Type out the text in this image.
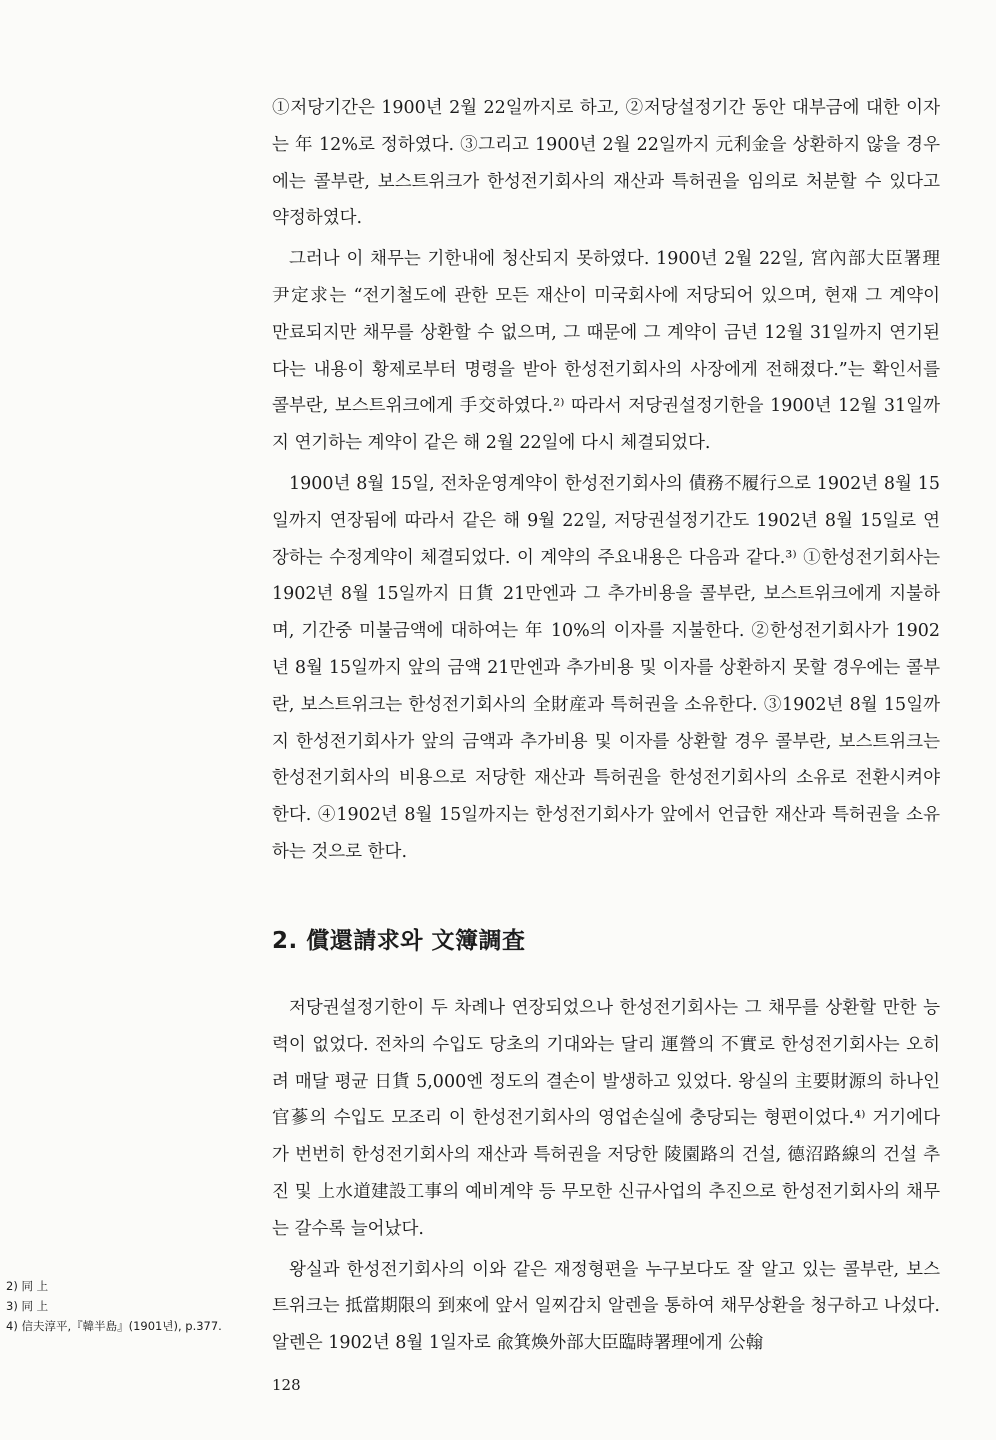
①저당기간은 1900년 2월 22일까지로 하고, ②저당설정기간 동안 대부금에 대한 이자는 年 12%로 정하였다. ③그리고 1900년 2월 22일까지 元利金을 상환하지 않을 경우에는 콜부란, 보스트위크가 한성전기회사의 재산과 특허권을 임의로 처분할 수 있다고 약정하였다.

그러나 이 채무는 기한내에 청산되지 못하였다. 1900년 2월 22일, 宮內部大臣署理 尹定求는 “전기철도에 관한 모든 재산이 미국회사에 저당되어 있으며, 현재 그 계약이 만료되지만 채무를 상환할 수 없으며, 그 때문에 그 계약이 금년 12월 31일까지 연기된다는 내용이 황제로부터 명령을 받아 한성전기회사의 사장에게 전해졌다.”는 확인서를 콜부란, 보스트위크에게 手交하였다.²⁾ 따라서 저당권설정기한을 1900년 12월 31일까지 연기하는 계약이 같은 해 2월 22일에 다시 체결되었다.

1900년 8월 15일, 전차운영계약이 한성전기회사의 債務不履行으로 1902년 8월 15일까지 연장됨에 따라서 같은 해 9월 22일, 저당권설정기간도 1902년 8월 15일로 연장하는 수정계약이 체결되었다. 이 계약의 주요내용은 다음과 같다.³⁾ ①한성전기회사는 1902년 8월 15일까지 日貨 21만엔과 그 추가비용을 콜부란, 보스트위크에게 지불하며, 기간중 미불금액에 대하여는 年 10%의 이자를 지불한다. ②한성전기회사가 1902년 8월 15일까지 앞의 금액 21만엔과 추가비용 및 이자를 상환하지 못할 경우에는 콜부란, 보스트위크는 한성전기회사의 全財産과 특허권을 소유한다. ③1902년 8월 15일까지 한성전기회사가 앞의 금액과 추가비용 및 이자를 상환할 경우 콜부란, 보스트위크는 한성전기회사의 비용으로 저당한 재산과 특허권을 한성전기회사의 소유로 전환시켜야 한다. ④1902년 8월 15일까지는 한성전기회사가 앞에서 언급한 재산과 특허권을 소유하는 것으로 한다.

2. 償還請求와 文簿調査

저당권설정기한이 두 차례나 연장되었으나 한성전기회사는 그 채무를 상환할 만한 능력이 없었다. 전차의 수입도 당초의 기대와는 달리 運營의 不實로 한성전기회사는 오히려 매달 평균 日貨 5,000엔 정도의 결손이 발생하고 있었다. 왕실의 主要財源의 하나인 官蔘의 수입도 모조리 이 한성전기회사의 영업손실에 충당되는 형편이었다.⁴⁾ 거기에다가 번번히 한성전기회사의 재산과 특허권을 저당한 陵園路의 건설, 德沼路線의 건설 추진 및 上水道建設工事의 예비계약 등 무모한 신규사업의 추진으로 한성전기회사의 채무는 갈수록 늘어났다.

왕실과 한성전기회사의 이와 같은 재정형편을 누구보다도 잘 알고 있는 콜부란, 보스트위크는 抵當期限의 到來에 앞서 일찌감치 알렌을 통하여 채무상환을 청구하고 나섰다. 알렌은 1902년 8월 1일자로 兪箕煥外部大臣臨時署理에게 公翰

2) 同 上
3) 同 上
4) 信夫淳平,『韓半島』(1901년), p.377.
128
